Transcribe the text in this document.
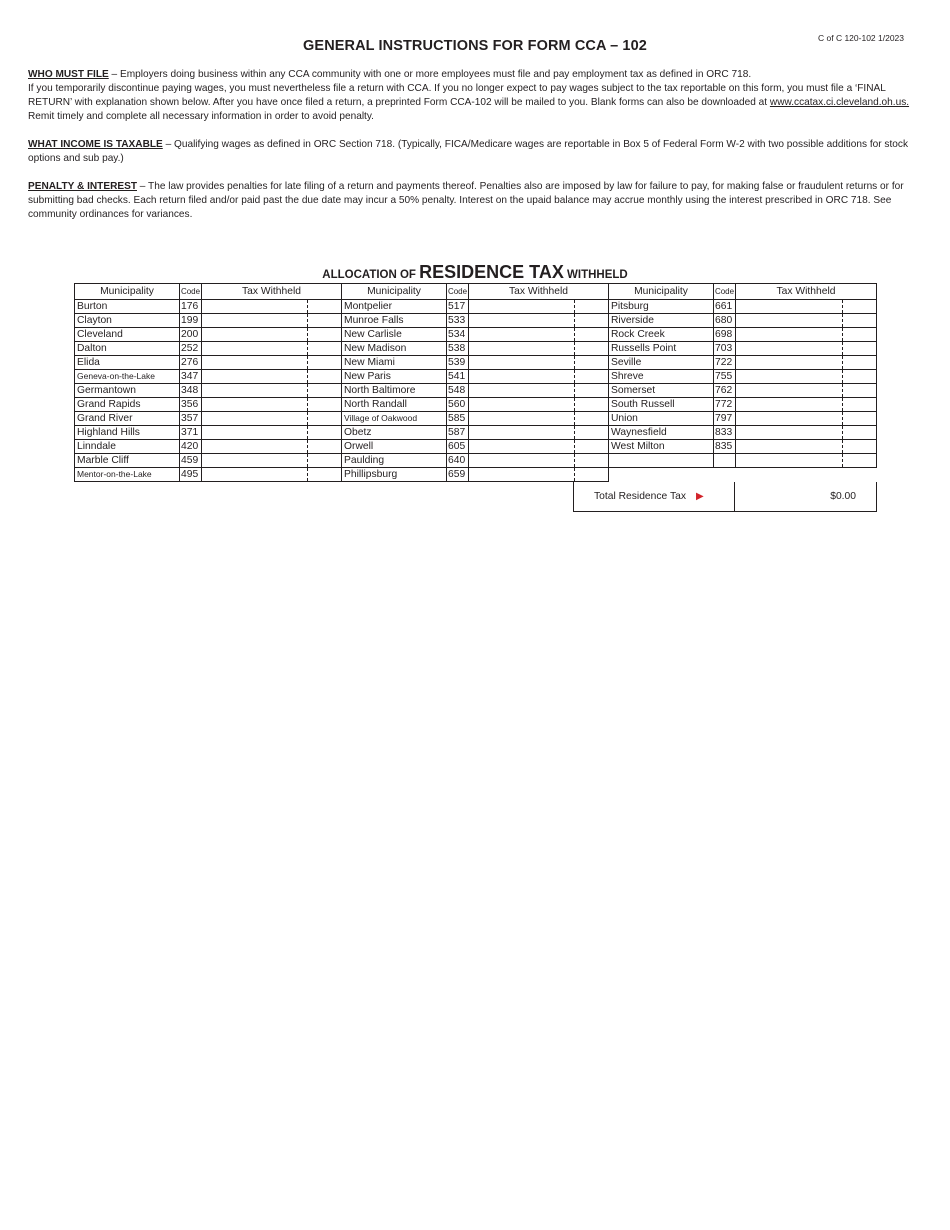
C of C 120-102 1/2023
GENERAL INSTRUCTIONS FOR FORM CCA – 102
WHO MUST FILE – Employers doing business within any CCA community with one or more employees must file and pay employment tax as defined in ORC 718.
If you temporarily discontinue paying wages, you must nevertheless file a return with CCA. If you no longer expect to pay wages subject to the tax reportable on this form, you must file a ‘FINAL RETURN’ with explanation shown below. After you have once filed a return, a preprinted Form CCA-102 will be mailed to you. Blank forms can also be downloaded at www.ccatax.ci.cleveland.oh.us. Remit timely and complete all necessary information in order to avoid penalty.
WHAT INCOME IS TAXABLE – Qualifying wages as defined in ORC Section 718. (Typically, FICA/Medicare wages are reportable in Box 5 of Federal Form W-2 with two possible additions for stock options and sub pay.)
PENALTY & INTEREST – The law provides penalties for late filing of a return and payments thereof. Penalties also are imposed by law for failure to pay, for making false or fraudulent returns or for submitting bad checks. Each return filed and/or paid past the due date may incur a 50% penalty. Interest on the upaid balance may accrue monthly using the interest prescribed in ORC 718. See community ordinances for variances.
ALLOCATION OF RESIDENCE TAX WITHHELD
Municipality	Code	Tax Withheld	Municipality	Code	Tax Withheld	Municipality	Code	Tax Withheld
Burton	176		Montpelier	517		Pitsburg	661	
Clayton	199		Munroe Falls	533		Riverside	680	
Cleveland	200		New Carlisle	534		Rock Creek	698	
Dalton	252		New Madison	538		Russells Point	703	
Elida	276		New Miami	539		Seville	722	
Geneva-on-the-Lake	347		New Paris	541		Shreve	755	
Germantown	348		North Baltimore	548		Somerset	762	
Grand Rapids	356		North Randall	560		South Russell	772	
Grand River	357		Village of Oakwood	585		Union	797	
Highland Hills	371		Obetz	587		Waynesfield	833	
Linndale	420		Orwell	605		West Milton	835	
Marble Cliff	459		Paulding	640				
Mentor-on-the-Lake	495		Phillipsburg	659				
Total Residence Tax ▶	$0.00
